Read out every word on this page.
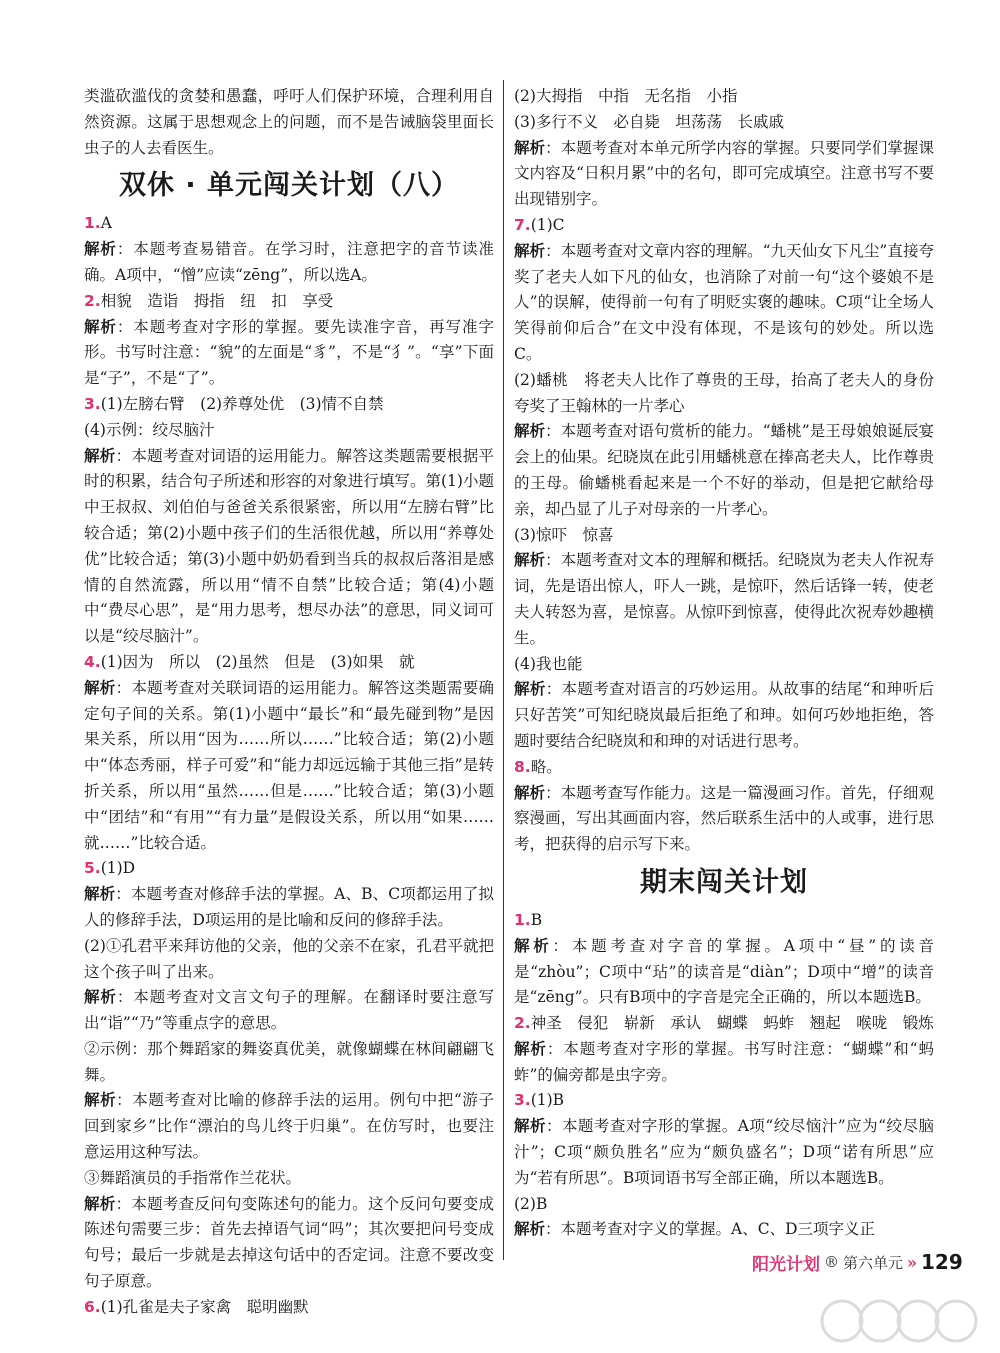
类滥砍滥伐的贪婪和愚蠢，呼吁人们保护环境，合理利用自然资源。这属于思想观念上的问题，而不是告诫脑袋里面长虫子的人去看医生。

双休 · 单元闯关计划（八）

1.A

解析：本题考查易错音。在学习时，注意把字的音节读准确。A项中，“憎”应读“zēng”，所以选A。

2.相貌　造诣　拇指　纽　扣　享受

解析：本题考查对字形的掌握。要先读准字音，再写准字形。书写时注意：“貌”的左面是“豸”，不是“犭”。“享”下面是“子”，不是“了”。

3.(1)左膀右臂　(2)养尊处优　(3)情不自禁

(4)示例：绞尽脑汁

解析：本题考查对词语的运用能力。解答这类题需要根据平时的积累，结合句子所述和形容的对象进行填写。第(1)小题中王叔叔、刘伯伯与爸爸关系很紧密，所以用“左膀右臂”比较合适；第(2)小题中孩子们的生活很优越，所以用“养尊处优”比较合适；第(3)小题中奶奶看到当兵的叔叔后落泪是感情的自然流露，所以用“情不自禁”比较合适；第(4)小题中“费尽心思”，是“用力思考，想尽办法”的意思，同义词可以是“绞尽脑汁”。

4.(1)因为　所以　(2)虽然　但是　(3)如果　就

解析：本题考查对关联词语的运用能力。解答这类题需要确定句子间的关系。第(1)小题中“最长”和“最先碰到物”是因果关系，所以用“因为……所以……”比较合适；第(2)小题中“体态秀丽，样子可爱”和“能力却远远输于其他三指”是转折关系，所以用“虽然……但是……”比较合适；第(3)小题中“团结”和“有用”“有力量”是假设关系，所以用“如果……就……”比较合适。

5.(1)D

解析：本题考查对修辞手法的掌握。A、B、C项都运用了拟人的修辞手法，D项运用的是比喻和反问的修辞手法。

(2)①孔君平来拜访他的父亲，他的父亲不在家，孔君平就把这个孩子叫了出来。

解析：本题考查对文言文句子的理解。在翻译时要注意写出“诣”“乃”等重点字的意思。

②示例：那个舞蹈家的舞姿真优美，就像蝴蝶在林间翩翩飞舞。

解析：本题考查对比喻的修辞手法的运用。例句中把“游子回到家乡”比作“漂泊的鸟儿终于归巢”。在仿写时，也要注意运用这种写法。

③舞蹈演员的手指常作兰花状。

解析：本题考查反问句变陈述句的能力。这个反问句要变成陈述句需要三步：首先去掉语气词“吗”；其次要把问号变成句号；最后一步就是去掉这句话中的否定词。注意不要改变句子原意。

6.(1)孔雀是夫子家禽　聪明幽默

(2)大拇指　中指　无名指　小指

(3)多行不义　必自毙　坦荡荡　长戚戚

解析：本题考查对本单元所学内容的掌握。只要同学们掌握课文内容及“日积月累”中的名句，即可完成填空。注意书写不要出现错别字。

7.(1)C

解析：本题考查对文章内容的理解。“九天仙女下凡尘”直接夸奖了老夫人如下凡的仙女，也消除了对前一句“这个婆娘不是人”的误解，使得前一句有了明贬实褒的趣味。C项“让全场人笑得前仰后合”在文中没有体现，不是该句的妙处。所以选C。

(2)蟠桃　将老夫人比作了尊贵的王母，抬高了老夫人的身份　夸奖了王翰林的一片孝心

解析：本题考查对语句赏析的能力。“蟠桃”是王母娘娘诞辰宴会上的仙果。纪晓岚在此引用蟠桃意在捧高老夫人，比作尊贵的王母。偷蟠桃看起来是一个不好的举动，但是把它献给母亲，却凸显了儿子对母亲的一片孝心。

(3)惊吓　惊喜

解析：本题考查对文本的理解和概括。纪晓岚为老夫人作祝寿词，先是语出惊人，吓人一跳，是惊吓，然后话锋一转，使老夫人转怒为喜，是惊喜。从惊吓到惊喜，使得此次祝寿妙趣横生。

(4)我也能

解析：本题考查对语言的巧妙运用。从故事的结尾“和珅听后只好苦笑”可知纪晓岚最后拒绝了和珅。如何巧妙地拒绝，答题时要结合纪晓岚和和珅的对话进行思考。

8.略。

解析：本题考查写作能力。这是一篇漫画习作。首先，仔细观察漫画，写出其画面内容，然后联系生活中的人或事，进行思考，把获得的启示写下来。

期末闯关计划

1.B

解析：本题考查对字音的掌握。A项中“昼”的读音是“zhòu”；C项中“玷”的读音是“diàn”；D项中“增”的读音是“zēng”。只有B项中的字音是完全正确的，所以本题选B。

2.神圣　侵犯　崭新　承认　蝴蝶　蚂蚱　翘起　喉咙　锻炼

解析：本题考查对字形的掌握。书写时注意：“蝴蝶”和“蚂蚱”的偏旁都是虫字旁。

3.(1)B

解析：本题考查对字形的掌握。A项“绞尽恼汁”应为“绞尽脑汁”；C项“颇负胜名”应为“颇负盛名”；D项“诺有所思”应为“若有所思”。B项词语书写全部正确，所以本题选B。

(2)B

解析：本题考查对字义的掌握。A、C、D三项字义正

阳光计划 ® 第六单元 » 129
